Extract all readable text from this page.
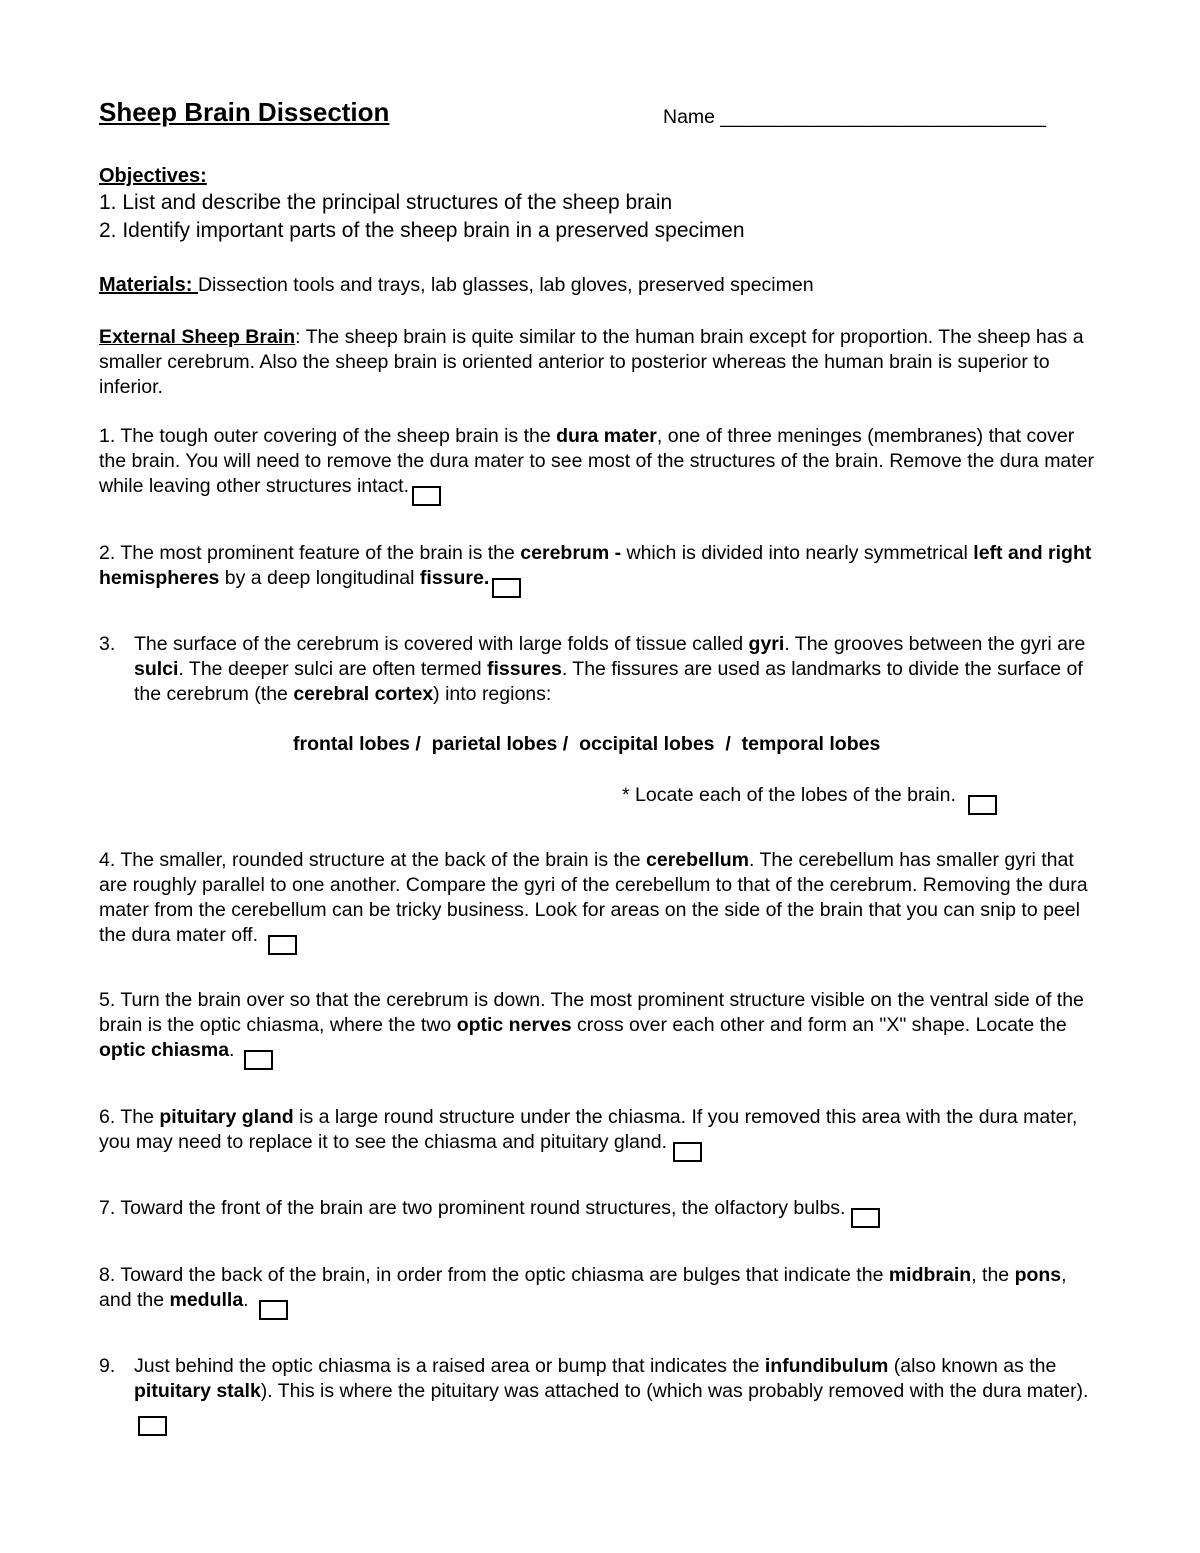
Sheep Brain Dissection	Name ______________________________
Objectives:
1. List and describe the principal structures of the sheep brain
2. Identify important parts of the sheep brain in a preserved specimen
Materials: Dissection tools and trays, lab glasses, lab gloves, preserved specimen
External Sheep Brain: The sheep brain is quite similar to the human brain except for proportion. The sheep has a smaller cerebrum. Also the sheep brain is oriented anterior to posterior whereas the human brain is superior to inferior.
1. The tough outer covering of the sheep brain is the dura mater, one of three meninges (membranes) that cover the brain. You will need to remove the dura mater to see most of the structures of the brain. Remove the dura mater while leaving other structures intact.
2. The most prominent feature of the brain is the cerebrum - which is divided into nearly symmetrical left and right hemispheres by a deep longitudinal fissure.
3. The surface of the cerebrum is covered with large folds of tissue called gyri. The grooves between the gyri are sulci. The deeper sulci are often termed fissures. The fissures are used as landmarks to divide the surface of the cerebrum (the cerebral cortex) into regions:
frontal lobes /  parietal lobes /  occipital lobes  /  temporal lobes
* Locate each of the lobes of the brain.
4. The smaller, rounded structure at the back of the brain is the cerebellum. The cerebellum has smaller gyri that are roughly parallel to one another. Compare the gyri of the cerebellum to that of the cerebrum. Removing the dura mater from the cerebellum can be tricky business. Look for areas on the side of the brain that you can snip to peel the dura mater off.
5. Turn the brain over so that the cerebrum is down. The most prominent structure visible on the ventral side of the brain is the optic chiasma, where the two optic nerves cross over each other and form an "X" shape. Locate the optic chiasma.
6. The pituitary gland is a large round structure under the chiasma. If you removed this area with the dura mater, you may need to replace it to see the chiasma and pituitary gland.
7. Toward the front of the brain are two prominent round structures, the olfactory bulbs.
8. Toward the back of the brain, in order from the optic chiasma are bulges that indicate the midbrain, the pons, and the medulla.
9. Just behind the optic chiasma is a raised area or bump that indicates the infundibulum (also known as the pituitary stalk). This is where the pituitary was attached to (which was probably removed with the dura mater).
